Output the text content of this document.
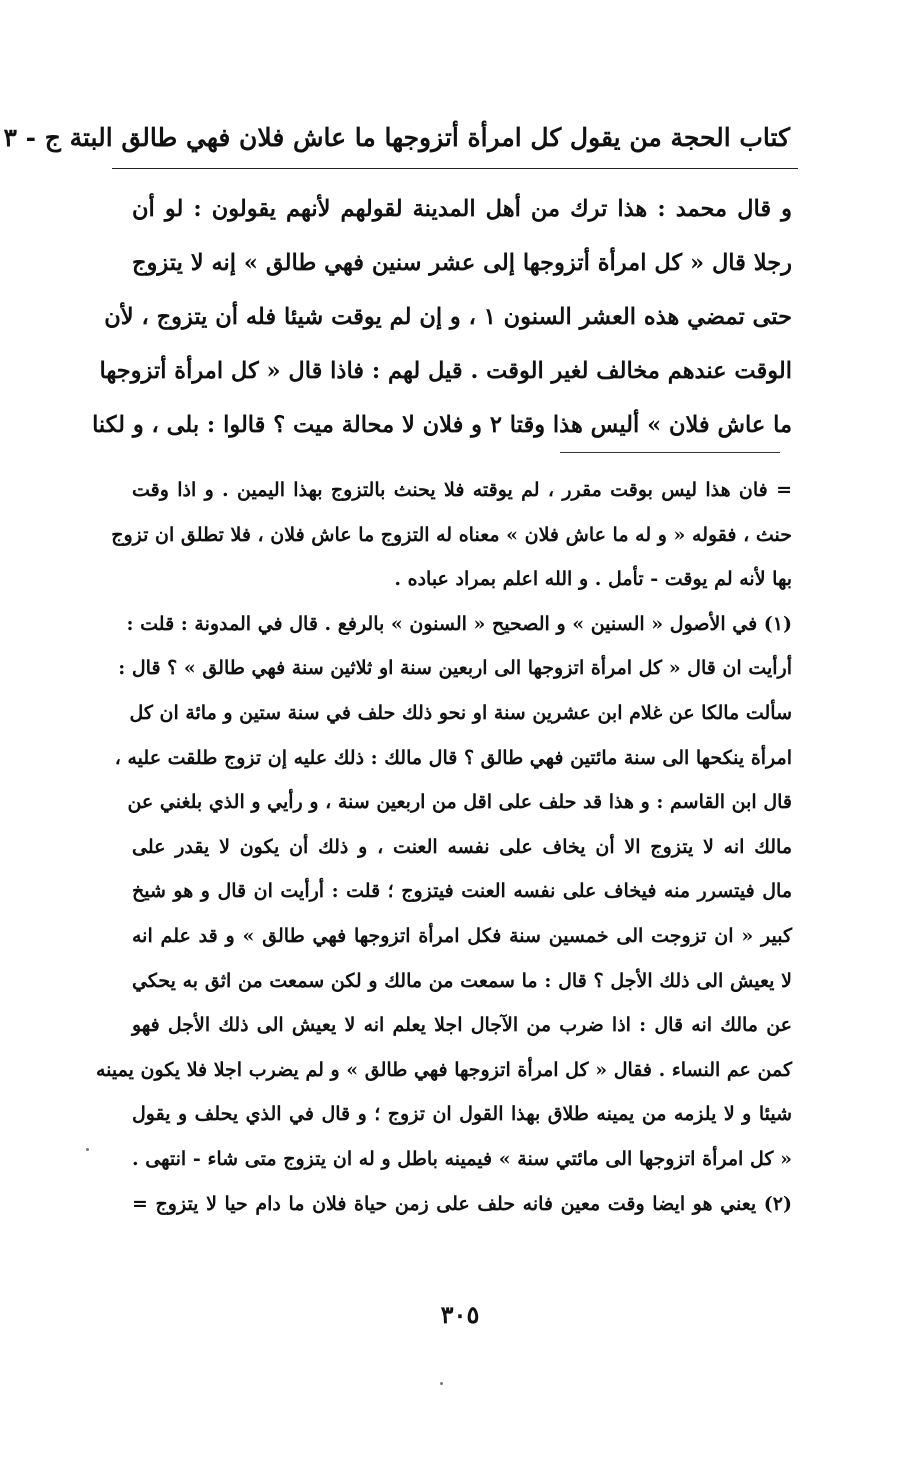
كتاب الحجة من يقول كل امرأة أتزوجها ما عاش فلان فهي طالق البتة ج - ٣
و قال محمد : هذا ترك من أهل المدينة لقولهم لأنهم يقولون : لو أن
رجلا قال « كل امرأة أتزوجها إلى عشر سنين فهي طالق » إنه لا يتزوج
حتى تمضي هذه العشر السنون ١ ، و إن لم يوقت شيئا فله أن يتزوج ، لأن
الوقت عندهم مخالف لغير الوقت . قيل لهم : فاذا قال « كل امرأة أتزوجها
ما عاش فلان » أليس هذا وقتا ٢ و فلان لا محالة ميت ؟ قالوا : بلى ، و لكنا
= فان هذا ليس بوقت مقرر ، لم يوقته فلا يحنث بالتزوج بهذا اليمين . و اذا وقت
حنث ، فقوله « و له ما عاش فلان » معناه له التزوج ما عاش فلان ، فلا تطلق ان تزوج
بها لأنه لم يوقت - تأمل . و الله اعلم بمراد عباده .
(١) في الأصول « السنين » و الصحيح « السنون » بالرفع . قال في المدونة : قلت :
أرأيت ان قال « كل امرأة اتزوجها الى اربعين سنة او ثلاثين سنة فهي طالق » ؟ قال :
سألت مالكا عن غلام ابن عشرين سنة او نحو ذلك حلف في سنة ستين و مائة ان كل
امرأة ينكحها الى سنة مائتين فهي طالق ؟ قال مالك : ذلك عليه إن تزوج طلقت عليه ،
قال ابن القاسم : و هذا قد حلف على اقل من اربعين سنة ، و رأيي و الذي بلغني عن
مالك انه لا يتزوج الا أن يخاف على نفسه العنت ، و ذلك أن يكون لا يقدر على
مال فيتسرر منه فيخاف على نفسه العنت فيتزوج ؛ قلت : أرأيت ان قال و هو شيخ
كبير « ان تزوجت الى خمسين سنة فكل امرأة اتزوجها فهي طالق » و قد علم انه
لا يعيش الى ذلك الأجل ؟ قال : ما سمعت من مالك و لكن سمعت من اثق به يحكي
عن مالك انه قال : اذا ضرب من الآجال اجلا يعلم انه لا يعيش الى ذلك الأجل فهو
كمن عم النساء . فقال « كل امرأة اتزوجها فهي طالق » و لم يضرب اجلا فلا يكون يمينه
شيئا و لا يلزمه من يمينه طلاق بهذا القول ان تزوج ؛ و قال في الذي يحلف و يقول
« كل امرأة اتزوجها الى مائتي سنة » فيمينه باطل و له ان يتزوج متى شاء - انتهى .
(٢) يعني هو ايضا وقت معين فانه حلف على زمن حياة فلان ما دام حيا لا يتزوج =
٣٠٥
